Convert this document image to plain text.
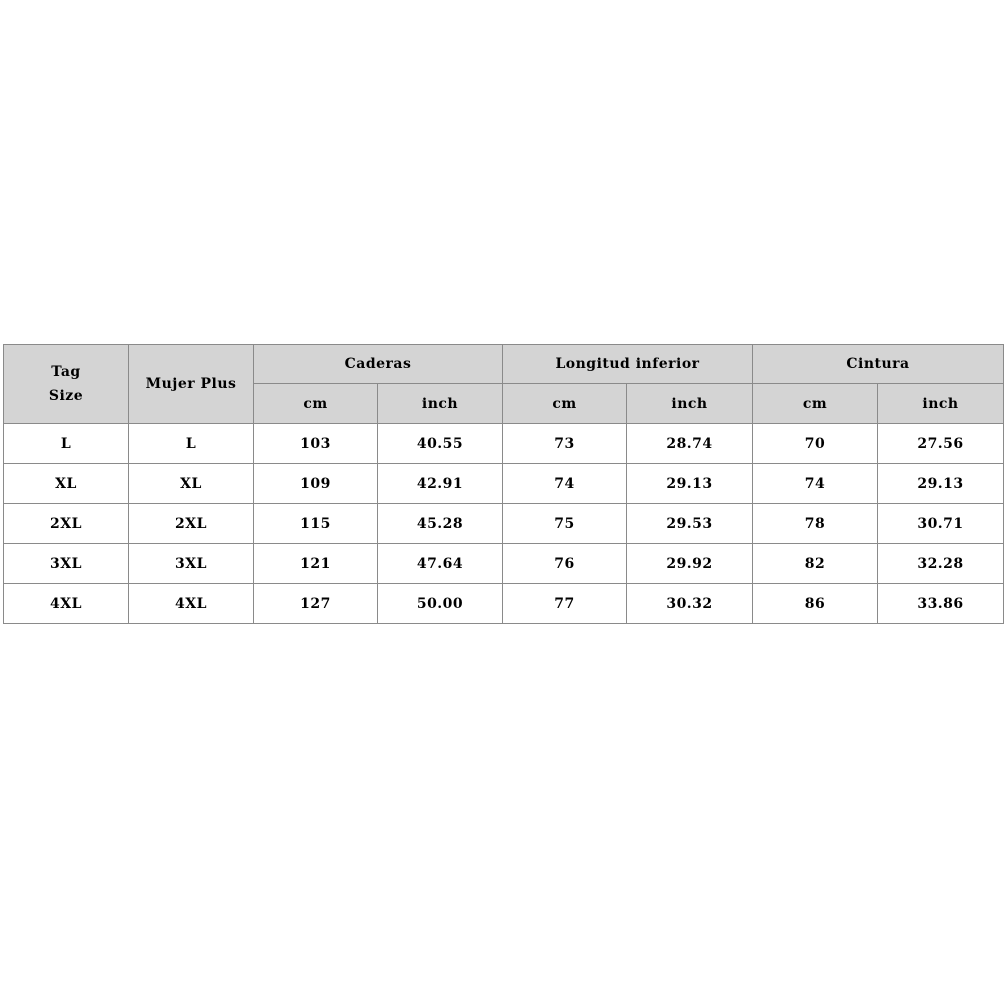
Tag
Size	Mujer Plus	Caderas		Longitud inferior		Cintura	
		cm	inch	cm	inch	cm	inch
L	L	103	40.55	73	28.74	70	27.56
XL	XL	109	42.91	74	29.13	74	29.13
2XL	2XL	115	45.28	75	29.53	78	30.71
3XL	3XL	121	47.64	76	29.92	82	32.28
4XL	4XL	127	50.00	77	30.32	86	33.86
